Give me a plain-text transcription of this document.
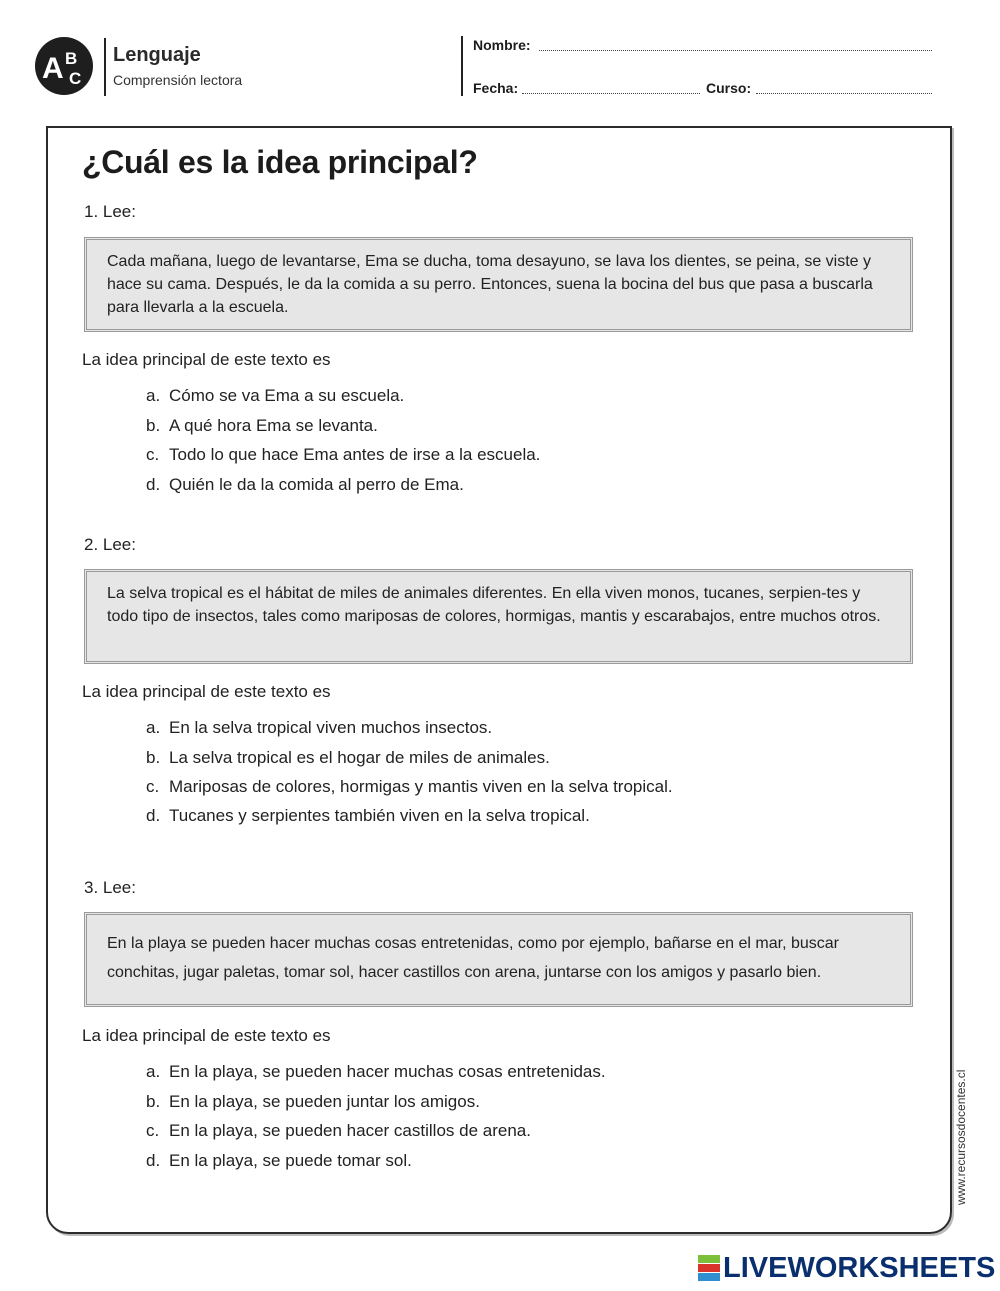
A B
C
Lenguaje
Comprensión lectora
Nombre:
Fecha:	Curso:
¿Cuál es la idea principal?
1. Lee:
Cada mañana, luego de levantarse, Ema se ducha, toma desayuno, se lava los dientes, se peina, se viste y hace su cama. Después, le da la comida a su perro. Entonces, suena la bocina del bus que pasa a buscarla para llevarla a la escuela.
La idea principal de este texto es
a. Cómo se va Ema a su escuela.
b. A qué hora Ema se levanta.
c. Todo lo que hace Ema antes de irse a la escuela.
d. Quién le da la comida al perro de Ema.
2. Lee:
La selva tropical es el hábitat de miles de animales diferentes. En ella viven monos, tucanes, serpien-tes y todo tipo de insectos, tales como mariposas de colores, hormigas, mantis y escarabajos, entre muchos otros.
La idea principal de este texto es
a. En la selva tropical viven muchos insectos.
b. La selva tropical es el hogar de miles de animales.
c. Mariposas de colores, hormigas y mantis viven en la selva tropical.
d. Tucanes y serpientes también viven en la selva tropical.
3. Lee:
En la playa se pueden hacer muchas cosas entretenidas, como por ejemplo, bañarse en el mar, buscar conchitas, jugar paletas, tomar sol, hacer castillos con arena, juntarse con los amigos y pasarlo bien.
La idea principal de este texto es
a. En la playa, se pueden hacer muchas cosas entretenidas.
b. En la playa, se pueden juntar los amigos.
c. En la playa, se pueden hacer castillos de arena.
d. En la playa, se puede tomar sol.	www.recursosdocentes.cl
LIVEWORKSHEETS
